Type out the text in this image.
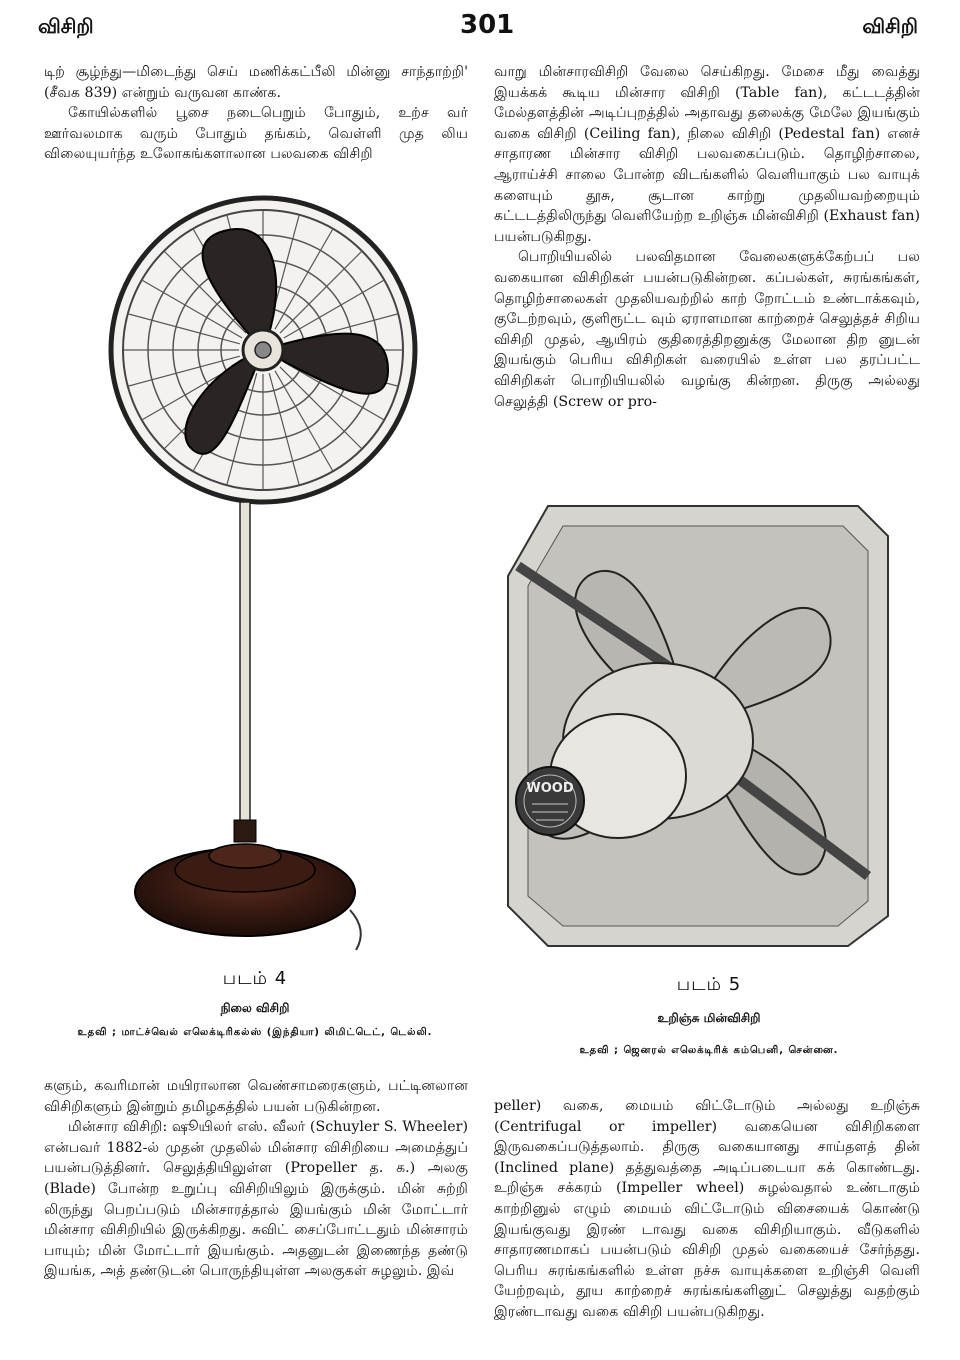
விசிறி	301	விசிறி

டிற் சூழ்ந்து—மிடைந்து செய் மணிக்கட்பீலி மின்னு சாந்தாற்றி' (சீவக 839) என்றும் வருவன காண்க.

கோயில்களில் பூசை நடைபெறும் போதும், உற்ச வர் ஊர்வலமாக வரும் போதும் தங்கம், வெள்ளி முத லிய விலையுயர்ந்த உலோகங்களாலான பலவகை விசிறி

வாறு மின்சாரவிசிறி வேலை செய்கிறது. மேசை மீது வைத்து இயக்கக் கூடிய மின்சார விசிறி (Table fan), கட்டடத்தின் மேல்தளத்தின் அடிப்புறத்தில் அதாவது தலைக்கு மேலே இயங்கும் வகை விசிறி (Ceiling fan), நிலை விசிறி (Pedestal fan) எனச் சாதாரண மின்சார விசிறி பலவகைப்படும். தொழிற்சாலை, ஆராய்ச்சி சாலை போன்ற விடங்களில் வெளியாகும் பல வாயுக் களையும் தூசு, சூடான காற்று முதலியவற்றையும் கட்டடத்திலிருந்து வெளியேற்ற உறிஞ்சு மின்விசிறி (Exhaust fan) பயன்படுகிறது.

பொறியியலில் பலவிதமான வேலைகளுக்கேற்பப் பல வகையான விசிறிகள் பயன்படுகின்றன. கப்பல்கள், சுரங்கங்கள், தொழிற்சாலைகள் முதலியவற்றில் காற் றோட்டம் உண்டாக்கவும், குடேற்றவும், குளிரூட்ட வும் ஏராளமான காற்றைச் செலுத்தச் சிறிய விசிறி முதல், ஆயிரம் குதிரைத்திறனுக்கு மேலான திற னுடன் இயங்கும் பெரிய விசிறிகள் வரையில் உள்ள பல தரப்பட்ட விசிறிகள் பொறியியலில் வழங்கு கின்றன. திருகு அல்லது செலுத்தி (Screw or pro-

படம் 4
நிலை விசிறி
உதவி ; மாட்ச்வெல் எலெக்டிரிகல்ஸ் (இந்தியா) லிமிட்டெட், டெல்லி.
WOOD
படம் 5
உறிஞ்சு மின்விசிறி
உதவி ; ஜெனரல் எலெக்டிரிக் கம்பெனி, சென்னை.

களும், கவரிமான் மயிராலான வெண்சாமரைகளும், பட்டினலான விசிறிகளும் இன்றும் தமிழகத்தில் பயன் படுகின்றன.

மின்சார விசிறி: ஷூயிலர் எஸ். வீலர் (Schuyler S. Wheeler) என்பவர் 1882-ல் முதன் முதலில் மின்சார விசிறியை அமைத்துப் பயன்படுத்தினர். செலுத்தியிலுள்ள (Propeller த. க.) அலகு (Blade) போன்ற உறுப்பு விசிறியிலும் இருக்கும். மின் சுற்றி லிருந்து பெறப்படும் மின்சாரத்தால் இயங்கும் மின் மோட்டார் மின்சார விசிறியில் இருக்கிறது. சுவிட் சைப்போட்டதும் மின்சாரம் பாயும்; மின் மோட்டார் இயங்கும். அதனுடன் இணைந்த தண்டு இயங்க, அத் தண்டுடன் பொருந்தியுள்ள அலகுகள் சுழலும். இவ்

peller) வகை, மையம் விட்டோடும் அல்லது உறிஞ்சு (Centrifugal or impeller) வகையென விசிறிகளை இருவகைப்படுத்தலாம். திருகு வகையானது சாய்தளத் தின் (Inclined plane) தத்துவத்தை அடிப்படையா கக் கொண்டது. உறிஞ்சு சக்கரம் (Impeller wheel) சுழல்வதால் உண்டாகும் காற்றினுல் எழும் மையம் விட்டோடும் விசையைக் கொண்டு இயங்குவது இரண் டாவது வகை விசிறியாகும். வீடுகளில் சாதாரணமாகப் பயன்படும் விசிறி முதல் வகையைச் சேர்ந்தது. பெரிய சுரங்கங்களில் உள்ள நச்சு வாயுக்களை உறிஞ்சி வெளி யேற்றவும், தூய காற்றைச் சுரங்கங்களினுட் செலுத்து வதற்கும் இரண்டாவது வகை விசிறி பயன்படுகிறது.
